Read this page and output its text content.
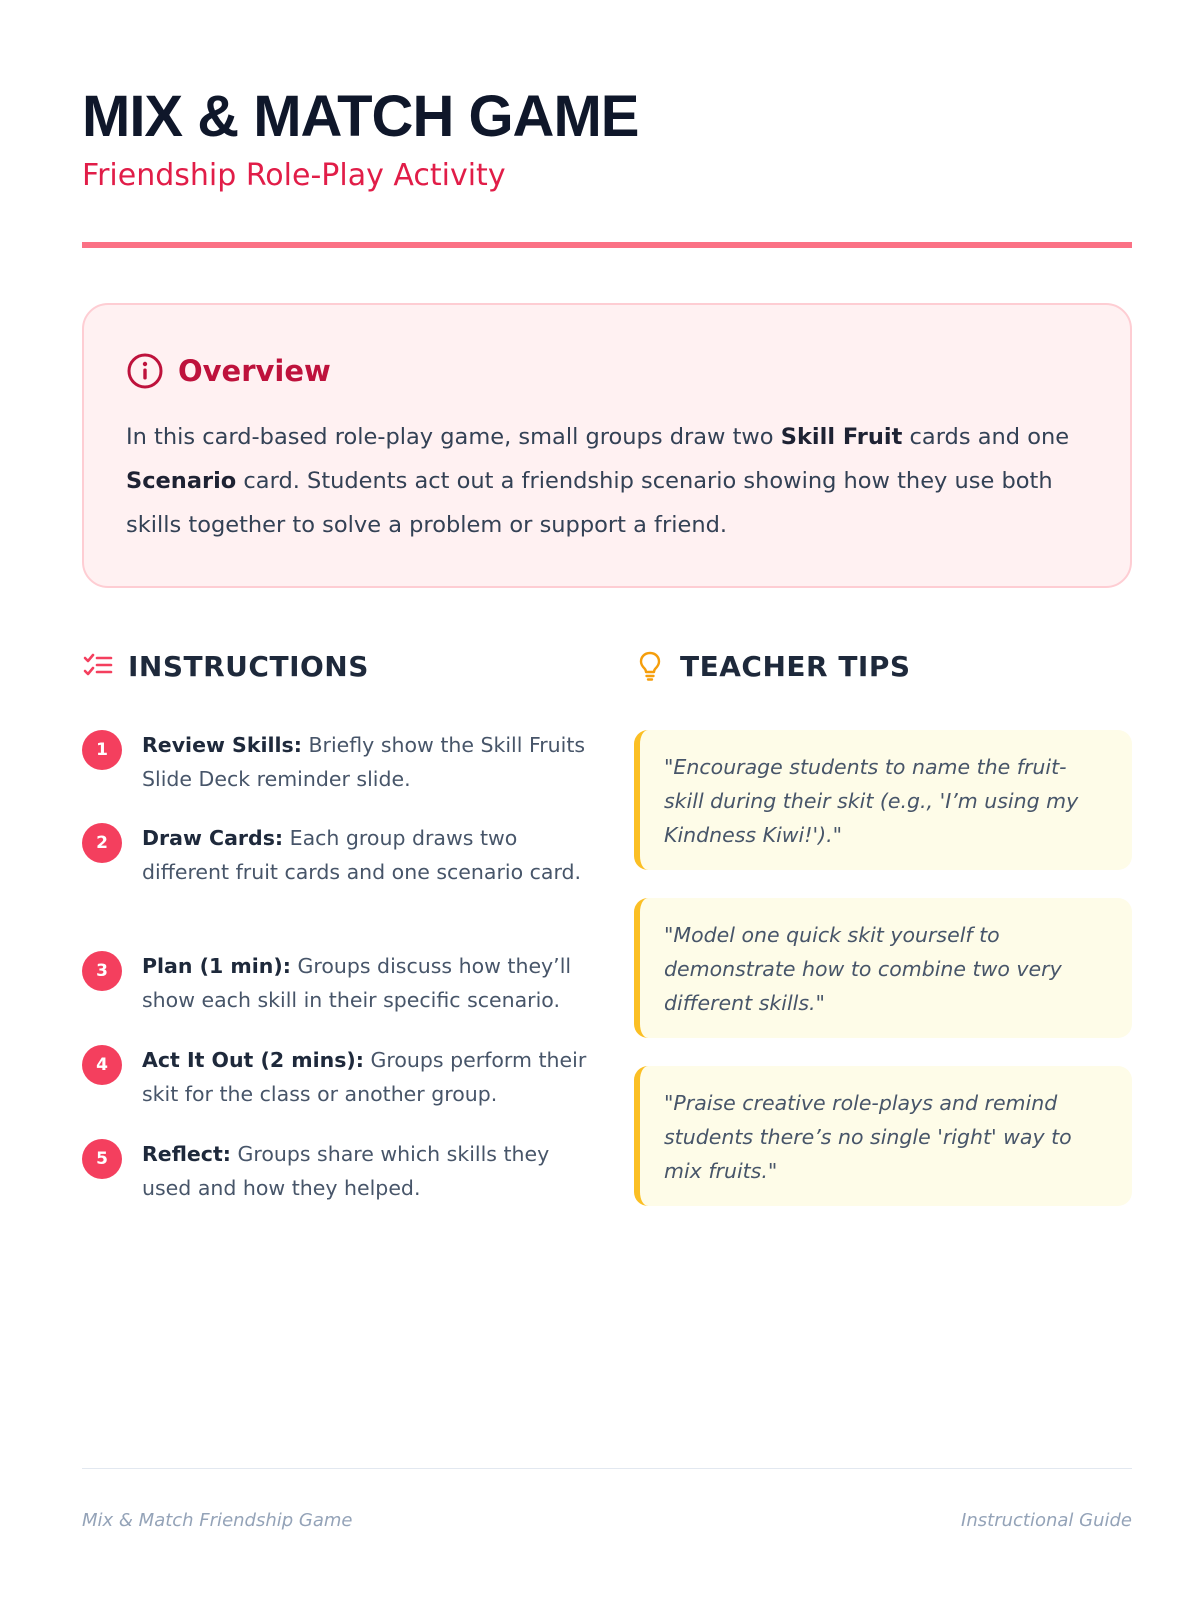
MIX & MATCH GAME
Friendship Role-Play Activity
Overview

In this card-based role-play game, small groups draw two Skill Fruit cards and one Scenario card. Students act out a friendship scenario showing how they use both skills together to solve a problem or support a friend.

INSTRUCTIONS	TEACHER TIPS
1	Review Skills: Briefly show the Skill Fruits Slide Deck reminder slide.

2	Draw Cards: Each group draws two different fruit cards and one scenario card.

3	Plan (1 min): Groups discuss how they’ll show each skill in their specific scenario.

4	Act It Out (2 mins): Groups perform their skit for the class or another group.

5	Reflect: Groups share which skills they used and how they helped.

"Encourage students to name the fruit-skill during their skit (e.g., 'I’m using my Kindness Kiwi!')."

"Model one quick skit yourself to demonstrate how to combine two very different skills."

"Praise creative role-plays and remind students there’s no single 'right' way to mix fruits."

Mix & Match Friendship Game	Instructional Guide
